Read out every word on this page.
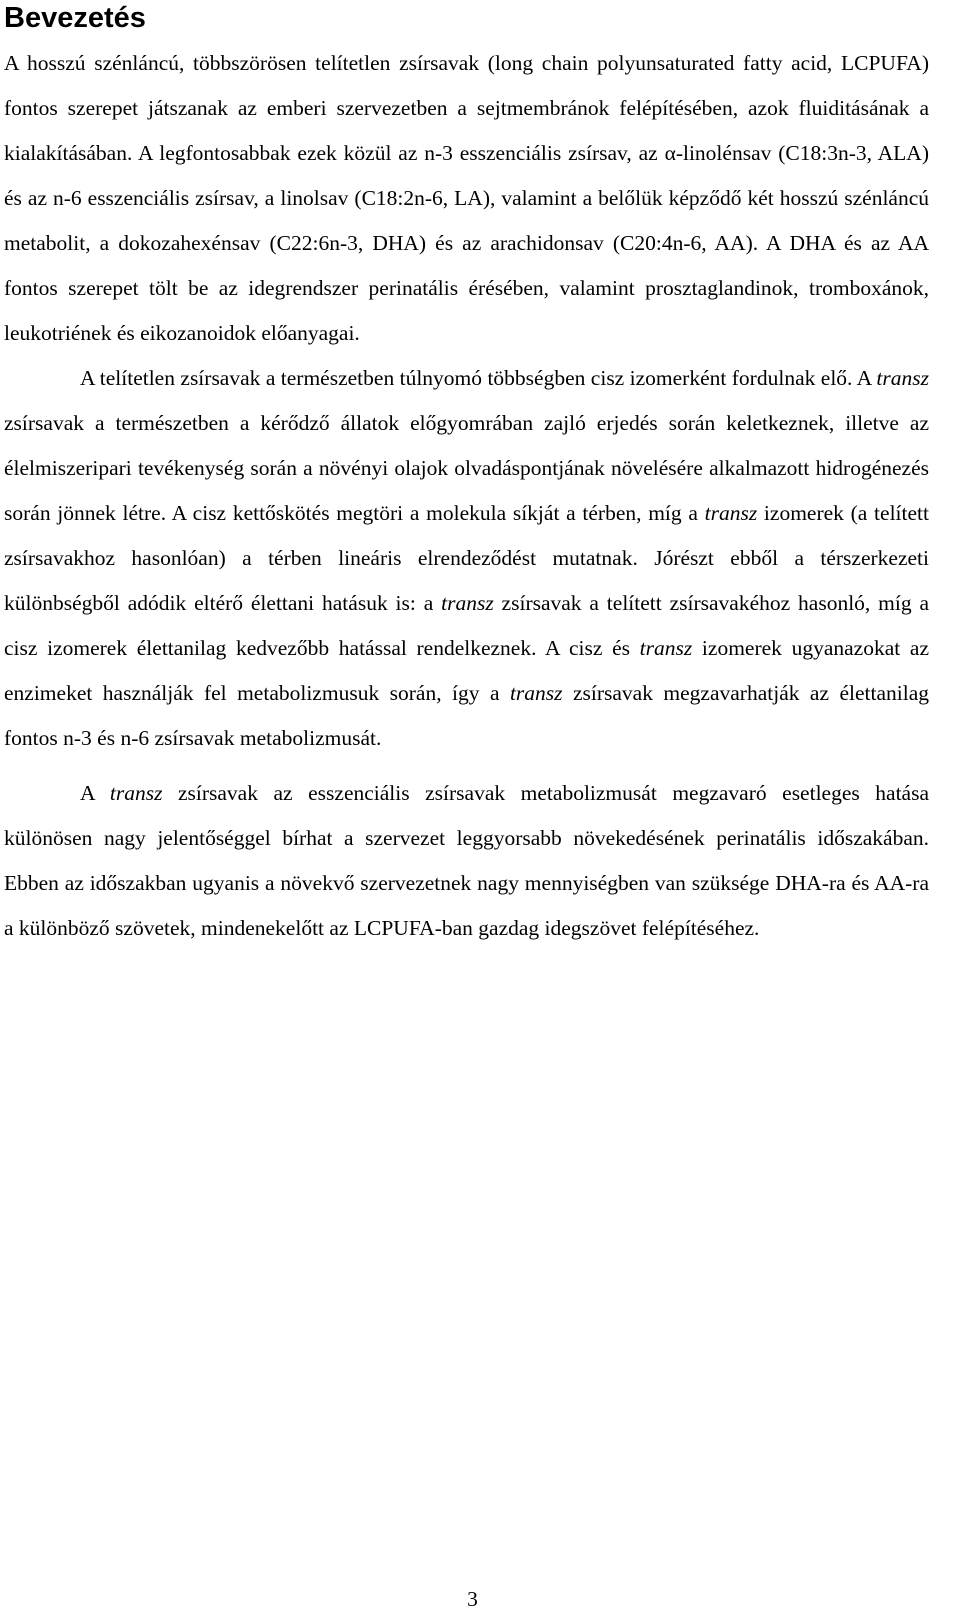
Bevezetés

A hosszú szénláncú, többszörösen telítetlen zsírsavak (long chain polyunsaturated fatty acid, LCPUFA) fontos szerepet játszanak az emberi szervezetben a sejtmembránok felépítésében, azok fluiditásának a kialakításában. A legfontosabbak ezek közül az n-3 esszenciális zsírsav, az α-linolénsav (C18:3n-3, ALA) és az n-6 esszenciális zsírsav, a linolsav (C18:2n-6, LA), valamint a belőlük képződő két hosszú szénláncú metabolit, a dokozahexénsav (C22:6n-3, DHA) és az arachidonsav (C20:4n-6, AA). A DHA és az AA fontos szerepet tölt be az idegrendszer perinatális érésében, valamint prosztaglandinok, tromboxánok, leukotriének és eikozanoidok előanyagai.

A telítetlen zsírsavak a természetben túlnyomó többségben cisz izomerként fordulnak elő. A transz zsírsavak a természetben a kérődző állatok előgyomrában zajló erjedés során keletkeznek, illetve az élelmiszeripari tevékenység során a növényi olajok olvadáspontjának növelésére alkalmazott hidrogénezés során jönnek létre. A cisz kettőskötés megtöri a molekula síkját a térben, míg a transz izomerek (a telített zsírsavakhoz hasonlóan) a térben lineáris elrendeződést mutatnak. Jórészt ebből a térszerkezeti különbségből adódik eltérő élettani hatásuk is: a transz zsírsavak a telített zsírsavakéhoz hasonló, míg a cisz izomerek élettanilag kedvezőbb hatással rendelkeznek. A cisz és transz izomerek ugyanazokat az enzimeket használják fel metabolizmusuk során, így a transz zsírsavak megzavarhatják az élettanilag fontos n-3 és n-6 zsírsavak metabolizmusát.

A transz zsírsavak az esszenciális zsírsavak metabolizmusát megzavaró esetleges hatása különösen nagy jelentőséggel bírhat a szervezet leggyorsabb növekedésének perinatális időszakában. Ebben az időszakban ugyanis a növekvő szervezetnek nagy mennyiségben van szüksége DHA-ra és AA-ra a különböző szövetek, mindenekelőtt az LCPUFA-ban gazdag idegszövet felépítéséhez.

3
